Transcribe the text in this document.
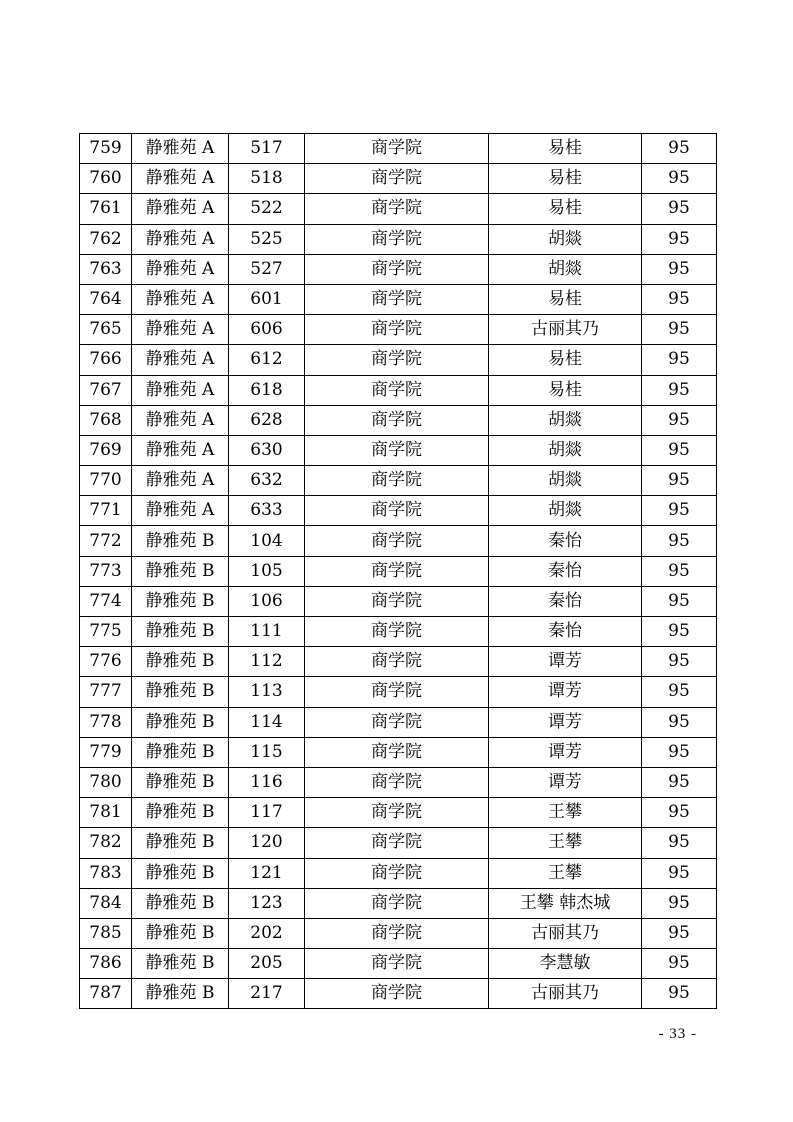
759	静雅苑 A	517	商学院	易桂	95
760	静雅苑 A	518	商学院	易桂	95
761	静雅苑 A	522	商学院	易桂	95
762	静雅苑 A	525	商学院	胡燚	95
763	静雅苑 A	527	商学院	胡燚	95
764	静雅苑 A	601	商学院	易桂	95
765	静雅苑 A	606	商学院	古丽其乃	95
766	静雅苑 A	612	商学院	易桂	95
767	静雅苑 A	618	商学院	易桂	95
768	静雅苑 A	628	商学院	胡燚	95
769	静雅苑 A	630	商学院	胡燚	95
770	静雅苑 A	632	商学院	胡燚	95
771	静雅苑 A	633	商学院	胡燚	95
772	静雅苑 B	104	商学院	秦怡	95
773	静雅苑 B	105	商学院	秦怡	95
774	静雅苑 B	106	商学院	秦怡	95
775	静雅苑 B	111	商学院	秦怡	95
776	静雅苑 B	112	商学院	谭芳	95
777	静雅苑 B	113	商学院	谭芳	95
778	静雅苑 B	114	商学院	谭芳	95
779	静雅苑 B	115	商学院	谭芳	95
780	静雅苑 B	116	商学院	谭芳	95
781	静雅苑 B	117	商学院	王攀	95
782	静雅苑 B	120	商学院	王攀	95
783	静雅苑 B	121	商学院	王攀	95
784	静雅苑 B	123	商学院	王攀 韩杰城	95
785	静雅苑 B	202	商学院	古丽其乃	95
786	静雅苑 B	205	商学院	李慧敏	95
787	静雅苑 B	217	商学院	古丽其乃	95
- 33 -
